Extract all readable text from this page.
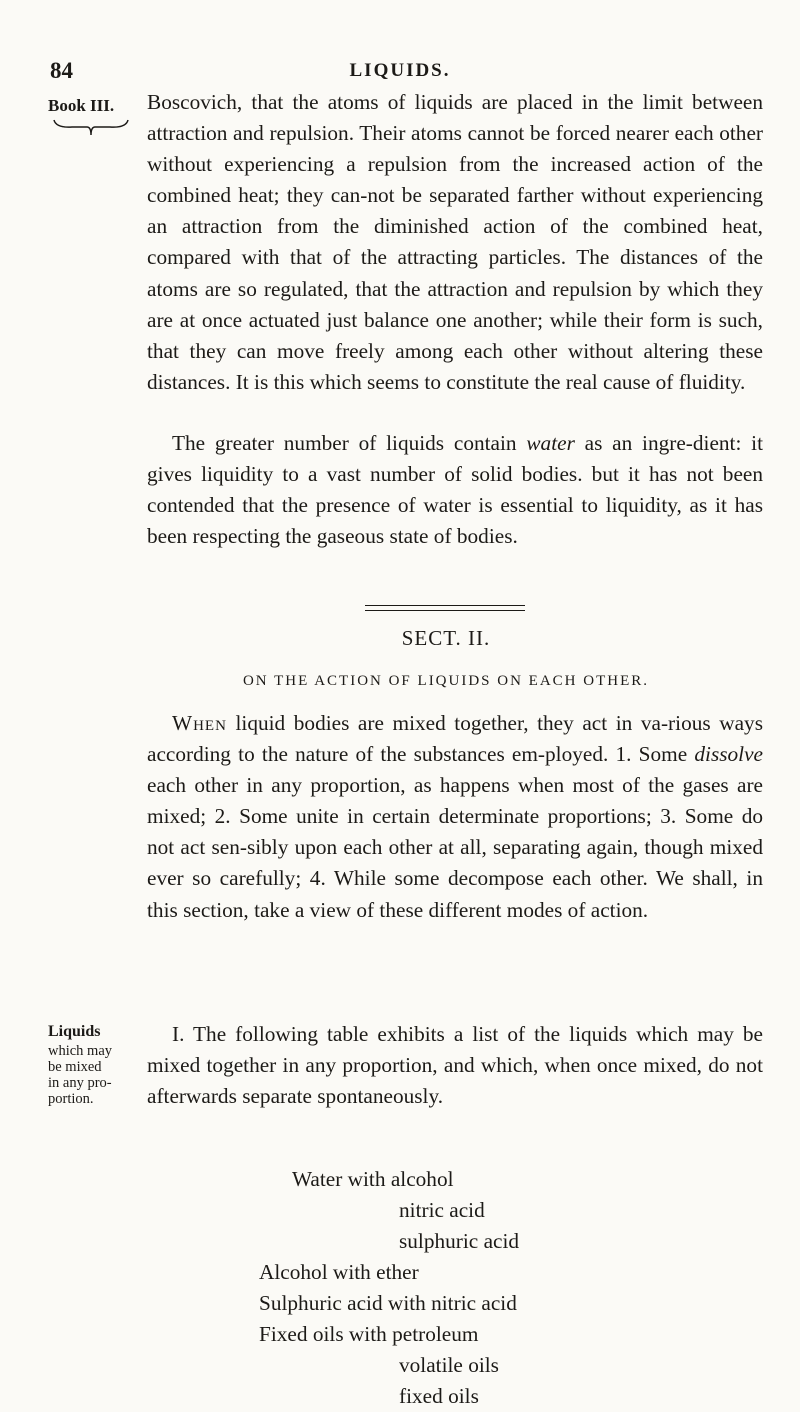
84	LIQUIDS.
Book III. Boscovich, that the atoms of liquids are placed in the limit between attraction and repulsion. Their atoms cannot be forced nearer each other without experiencing a repulsion from the increased action of the combined heat; they can-not be separated farther without experiencing an attraction from the diminished action of the combined heat, compared with that of the attracting particles. The distances of the atoms are so regulated, that the attraction and repulsion by which they are at once actuated just balance one another; while their form is such, that they can move freely among each other without altering these distances. It is this which seems to constitute the real cause of fluidity.

The greater number of liquids contain water as an ingre-dient: it gives liquidity to a vast number of solid bodies. but it has not been contended that the presence of water is essential to liquidity, as it has been respecting the gaseous state of bodies.

SECT. II.
ON THE ACTION OF LIQUIDS ON EACH OTHER.

When liquid bodies are mixed together, they act in va-rious ways according to the nature of the substances em-ployed. 1. Some dissolve each other in any proportion, as happens when most of the gases are mixed; 2. Some unite in certain determinate proportions; 3. Some do not act sen-sibly upon each other at all, separating again, though mixed ever so carefully; 4. While some decompose each other. We shall, in this section, take a view of these different modes of action.

Liquids
which may
be mixed
in any pro-
portion.

I. The following table exhibits a list of the liquids which may be mixed together in any proportion, and which, when once mixed, do not afterwards separate spontaneously.

Water with alcohol
nitric acid
sulphuric acid
Alcohol with ether
Sulphuric acid with nitric acid
Fixed oils with petroleum
volatile oils
fixed oils
